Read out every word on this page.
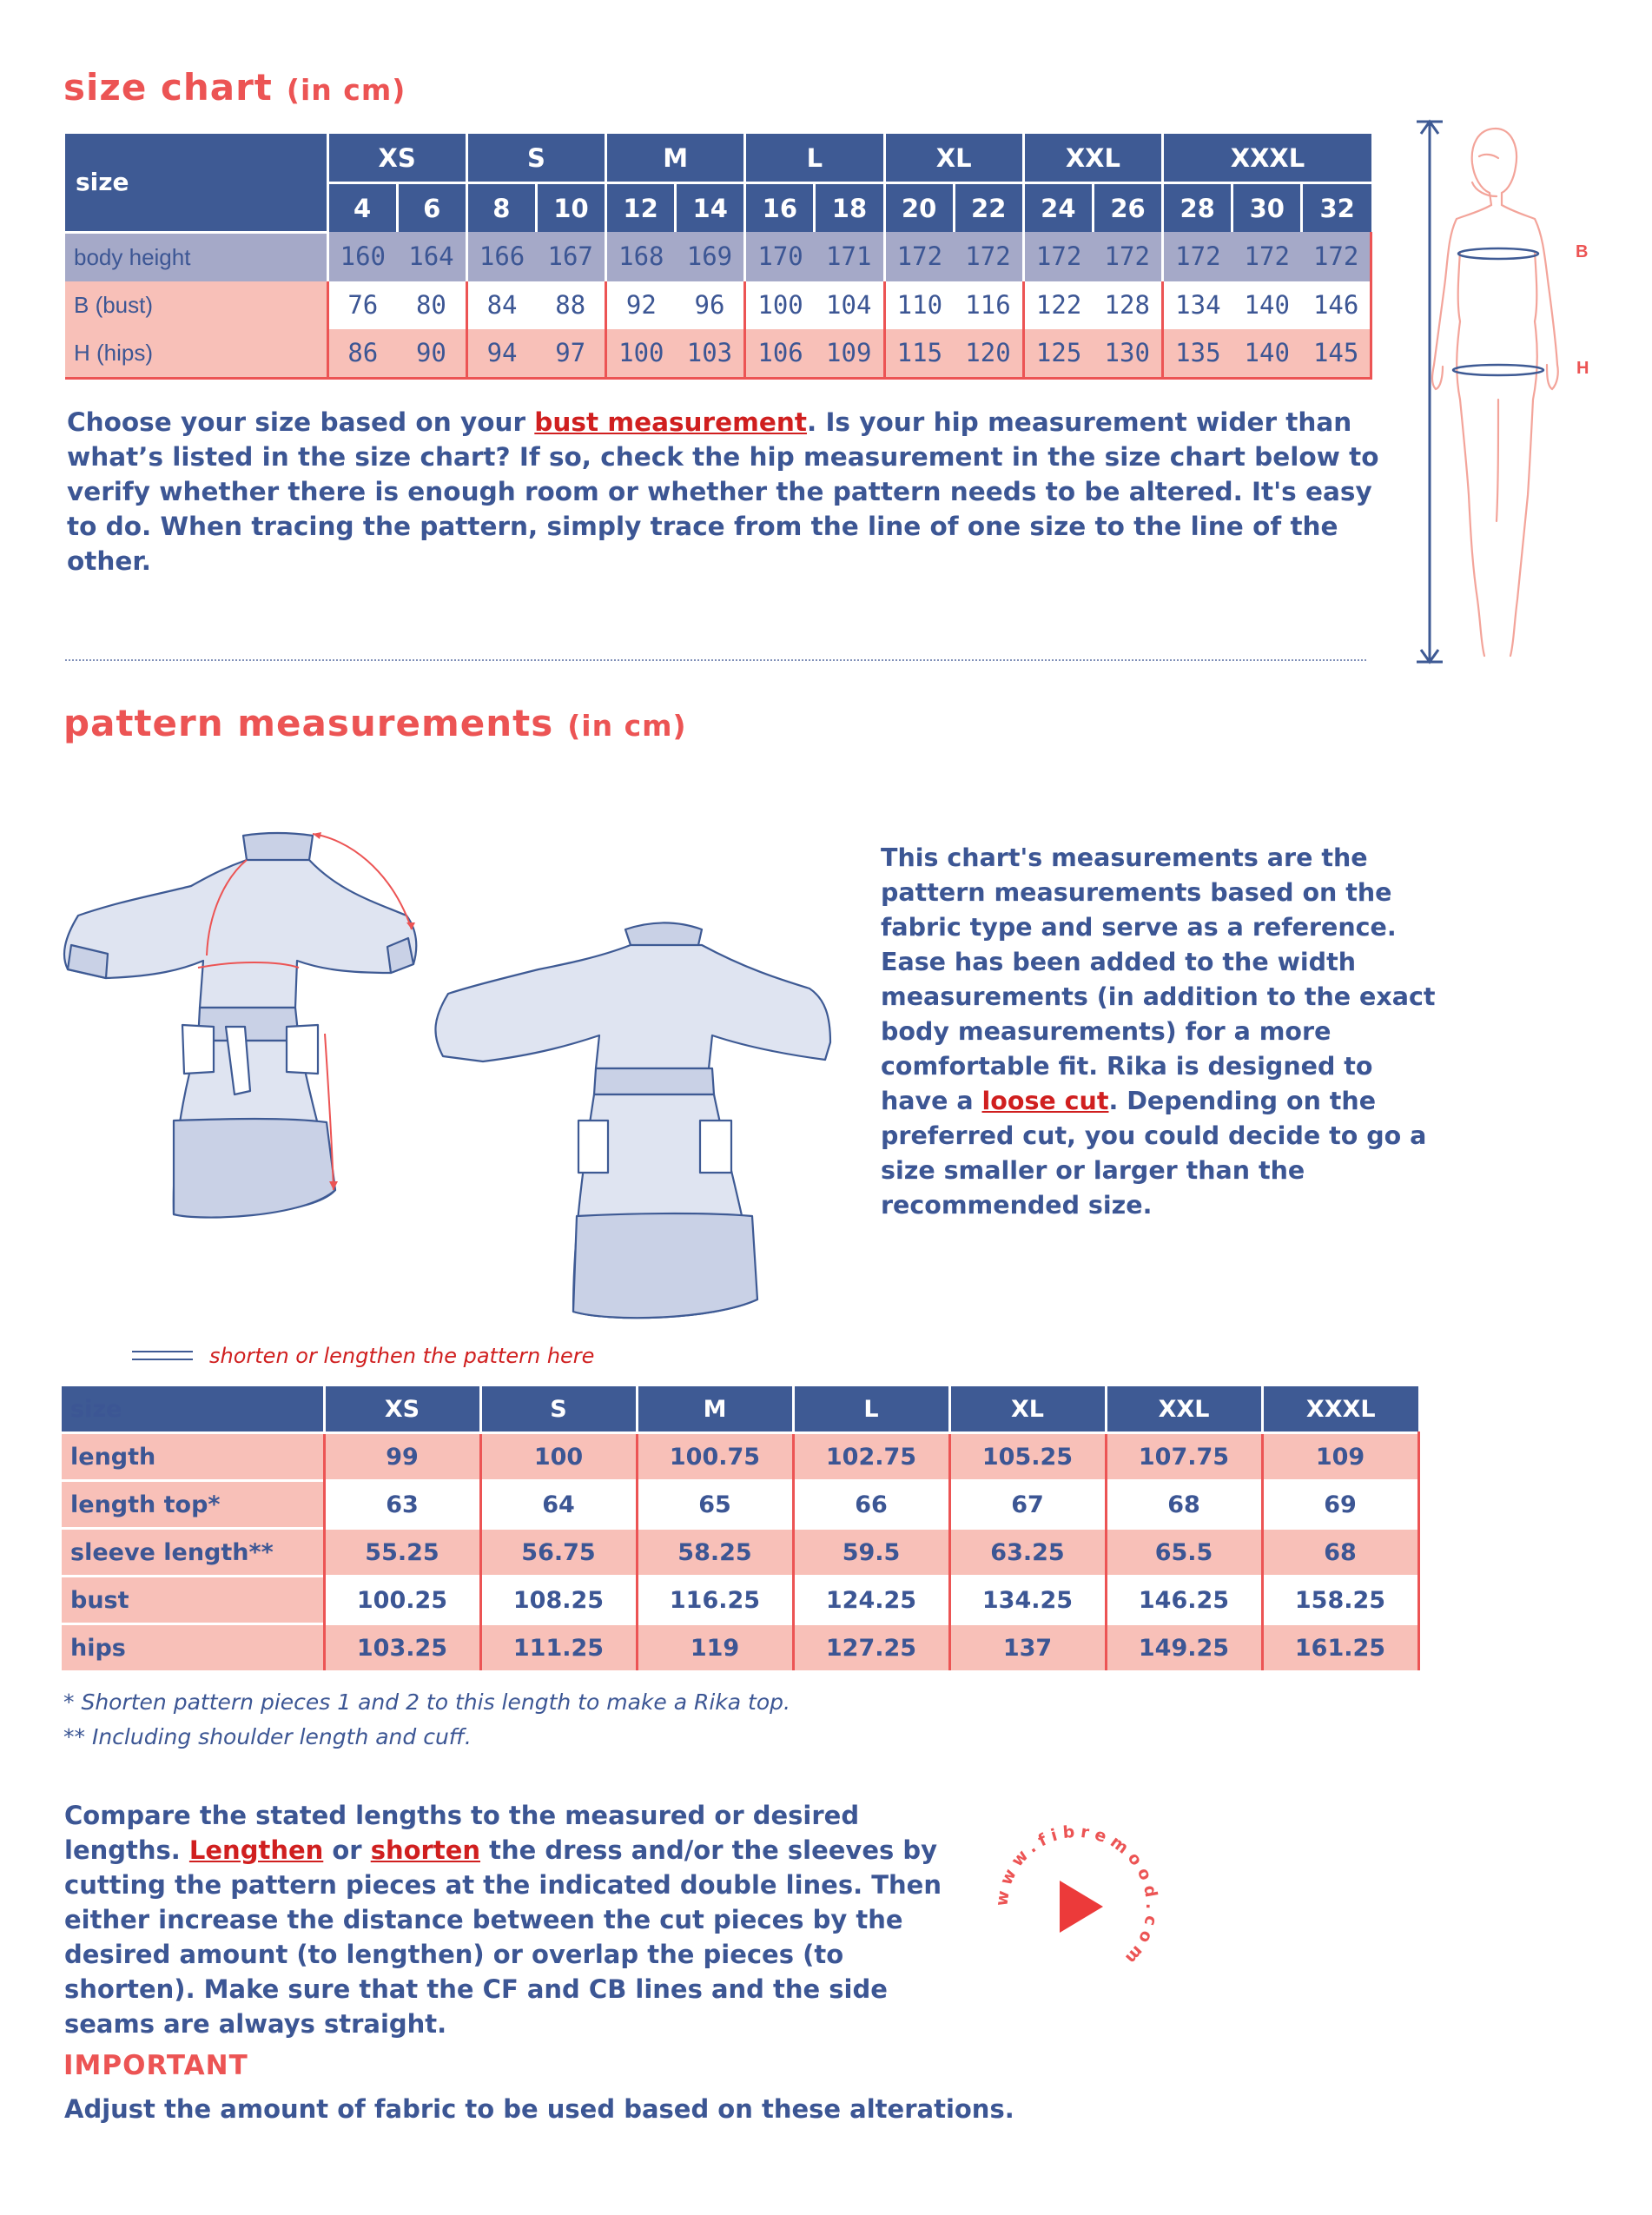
size chart (in cm)
size	XS		S		M		L		XL		XXL		XXXL		
	4	6	8	10	12	14	16	18	20	22	24	26	28	30	32
body height	160	164	166	167	168	169	170	171	172	172	172	172	172	172	172
B (bust)	76	80	84	88	92	96	100	104	110	116	122	128	134	140	146
H (hips)	86	90	94	97	100	103	106	109	115	120	125	130	135	140	145
Choose your size based on your bust measurement. Is your hip measurement wider than what’s listed in the size chart? If so, check the hip measurement in the size chart below to verify whether there is enough room or whether the pattern needs to be altered. It's easy to do. When tracing the pattern, simply trace from the line of one size to the line of the other.
B
H
pattern measurements (in cm)
This chart's measurements are the pattern measurements based on the fabric type and serve as a reference. Ease has been added to the width measurements (in addition to the exact body measurements) for a more comfortable fit. Rika is designed to have a loose cut. Depending on the preferred cut, you could decide to go a size smaller or larger than the recommended size.
shorten or lengthen the pattern here
size	XS	S	M	L	XL	XXL	XXXL
length	99	100	100.75	102.75	105.25	107.75	109
length top*	63	64	65	66	67	68	69
sleeve length**	55.25	56.75	58.25	59.5	63.25	65.5	68
bust	100.25	108.25	116.25	124.25	134.25	146.25	158.25
hips	103.25	111.25	119	127.25	137	149.25	161.25
* Shorten pattern pieces 1 and 2 to this length to make a Rika top.
** Including shoulder length and cuff.
Compare the stated lengths to the measured or desired lengths. Lengthen or shorten the dress and/or the sleeves by cutting the pattern pieces at the indicated double lines. Then either increase the distance between the cut pieces by the desired amount (to lengthen) or overlap the pieces (to shorten). Make sure that the CF and CB lines and the side seams are always straight.
www.fibremood.com
IMPORTANT
Adjust the amount of fabric to be used based on these alterations.
